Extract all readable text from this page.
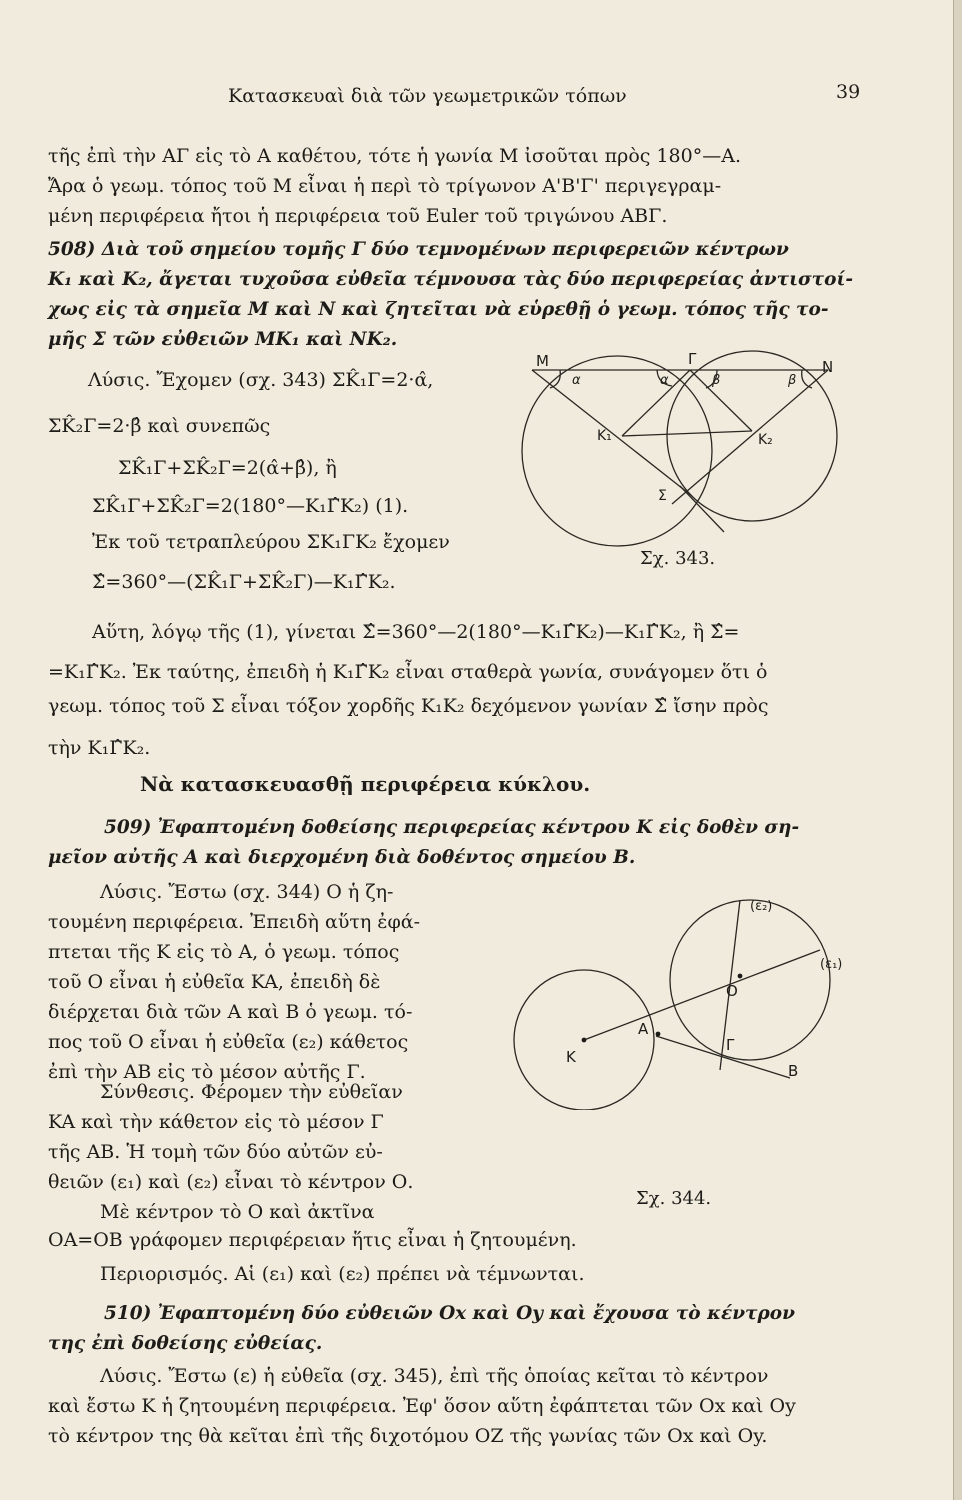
Κατασκευαὶ διὰ τῶν γεωμετρικῶν τόπων	39
τῆς ἐπὶ τὴν ΑΓ εἰς τὸ Α καθέτου, τότε ἡ γωνία Μ ἰσοῦται πρὸς 180°—Α.
Ἄρα ὁ γεωμ. τόπος τοῦ Μ εἶναι ἡ περὶ τὸ τρίγωνον Α'Β'Γ' περιγεγραμ-
μένη περιφέρεια ἤτοι ἡ περιφέρεια τοῦ Euler τοῦ τριγώνου ΑΒΓ.
508) Διὰ τοῦ σημείου τομῆς Γ δύο τεμνομένων περιφερειῶν κέντρων
K₁ καὶ K₂, ἄγεται τυχοῦσα εὐθεῖα τέμνουσα τὰς δύο περιφερείας ἀντιστοί-
χως εἰς τὰ σημεῖα Μ καὶ N καὶ ζητεῖται νὰ εὑρεθῇ ὁ γεωμ. τόπος τῆς το-
μῆς Σ τῶν εὐθειῶν ΜK₁ καὶ NK₂.
Λύσις. Ἔχομεν (σχ. 343) ΣK̂₁Γ=2·α̂,
ΣK̂₂Γ=2·β̂ καὶ συνεπῶς
ΣK̂₁Γ+ΣK̂₂Γ=2(α̂+β̂), ἢ
ΣK̂₁Γ+ΣK̂₂Γ=2(180°—K₁Γ̂K₂) (1).
Ἐκ τοῦ τετραπλεύρου ΣK₁ΓK₂ ἔχομεν
Σ̂=360°—(ΣK̂₁Γ+ΣK̂₂Γ)—K₁Γ̂K₂.
Αὕτη, λόγῳ τῆς (1), γίνεται Σ̂=360°—2(180°—K₁Γ̂K₂)—K₁Γ̂K₂, ἢ Σ̂=
=K₁Γ̂K₂. Ἐκ ταύτης, ἐπειδὴ ἡ K₁Γ̂K₂ εἶναι σταθερὰ γωνία, συνάγομεν ὅτι ὁ
γεωμ. τόπος τοῦ Σ εἶναι τόξον χορδῆς K₁K₂ δεχόμενον γωνίαν Σ̂ ἴσην πρὸς
τὴν K₁Γ̂K₂.
M	Γ	N
K₁	K₂
Σ
α	α	β	β
Σχ. 343.
Νὰ κατασκευασθῇ περιφέρεια κύκλου.
509) Ἐφαπτομένη δοθείσης περιφερείας κέντρου K εἰς δοθὲν ση-
μεῖον αὐτῆς Α καὶ διερχομένη διὰ δοθέντος σημείου Β.
Λύσις. Ἔστω (σχ. 344) Ο ἡ ζη-
τουμένη περιφέρεια. Ἐπειδὴ αὕτη ἐφά-
πτεται τῆς K εἰς τὸ Α, ὁ γεωμ. τόπος
τοῦ Ο εἶναι ἡ εὐθεῖα KA, ἐπειδὴ δὲ
διέρχεται διὰ τῶν Α καὶ Β ὁ γεωμ. τό-
πος τοῦ Ο εἶναι ἡ εὐθεῖα (ε₂) κάθετος
ἐπὶ τὴν ΑΒ εἰς τὸ μέσον αὐτῆς Γ.
Σύνθεσις. Φέρομεν τὴν εὐθεῖαν
KA καὶ τὴν κάθετον εἰς τὸ μέσον Γ
τῆς ΑΒ. Ἡ τομὴ τῶν δύο αὐτῶν εὐ-
θειῶν (ε₁) καὶ (ε₂) εἶναι τὸ κέντρον Ο.
Μὲ κέντρον τὸ Ο καὶ ἀκτῖνα
ΟΑ=ΟΒ γράφομεν περιφέρειαν ἥτις εἶναι ἡ ζητουμένη.
Περιορισμός. Αἱ (ε₁) καὶ (ε₂) πρέπει νὰ τέμνωνται.
(ε₂)
(ε₁)
Ο
Α
Γ
Β
K
Σχ. 344.
510) Ἐφαπτομένη δύο εὐθειῶν Οx καὶ Οy καὶ ἔχουσα τὸ κέντρον
της ἐπὶ δοθείσης εὐθείας.
Λύσις. Ἔστω (ε) ἡ εὐθεῖα (σχ. 345), ἐπὶ τῆς ὁποίας κεῖται τὸ κέντρον
καὶ ἔστω K ἡ ζητουμένη περιφέρεια. Ἐφ' ὅσον αὕτη ἐφάπτεται τῶν Οx καὶ Οy
τὸ κέντρον της θὰ κεῖται ἐπὶ τῆς διχοτόμου ΟΖ τῆς γωνίας τῶν Οx καὶ Οy.
